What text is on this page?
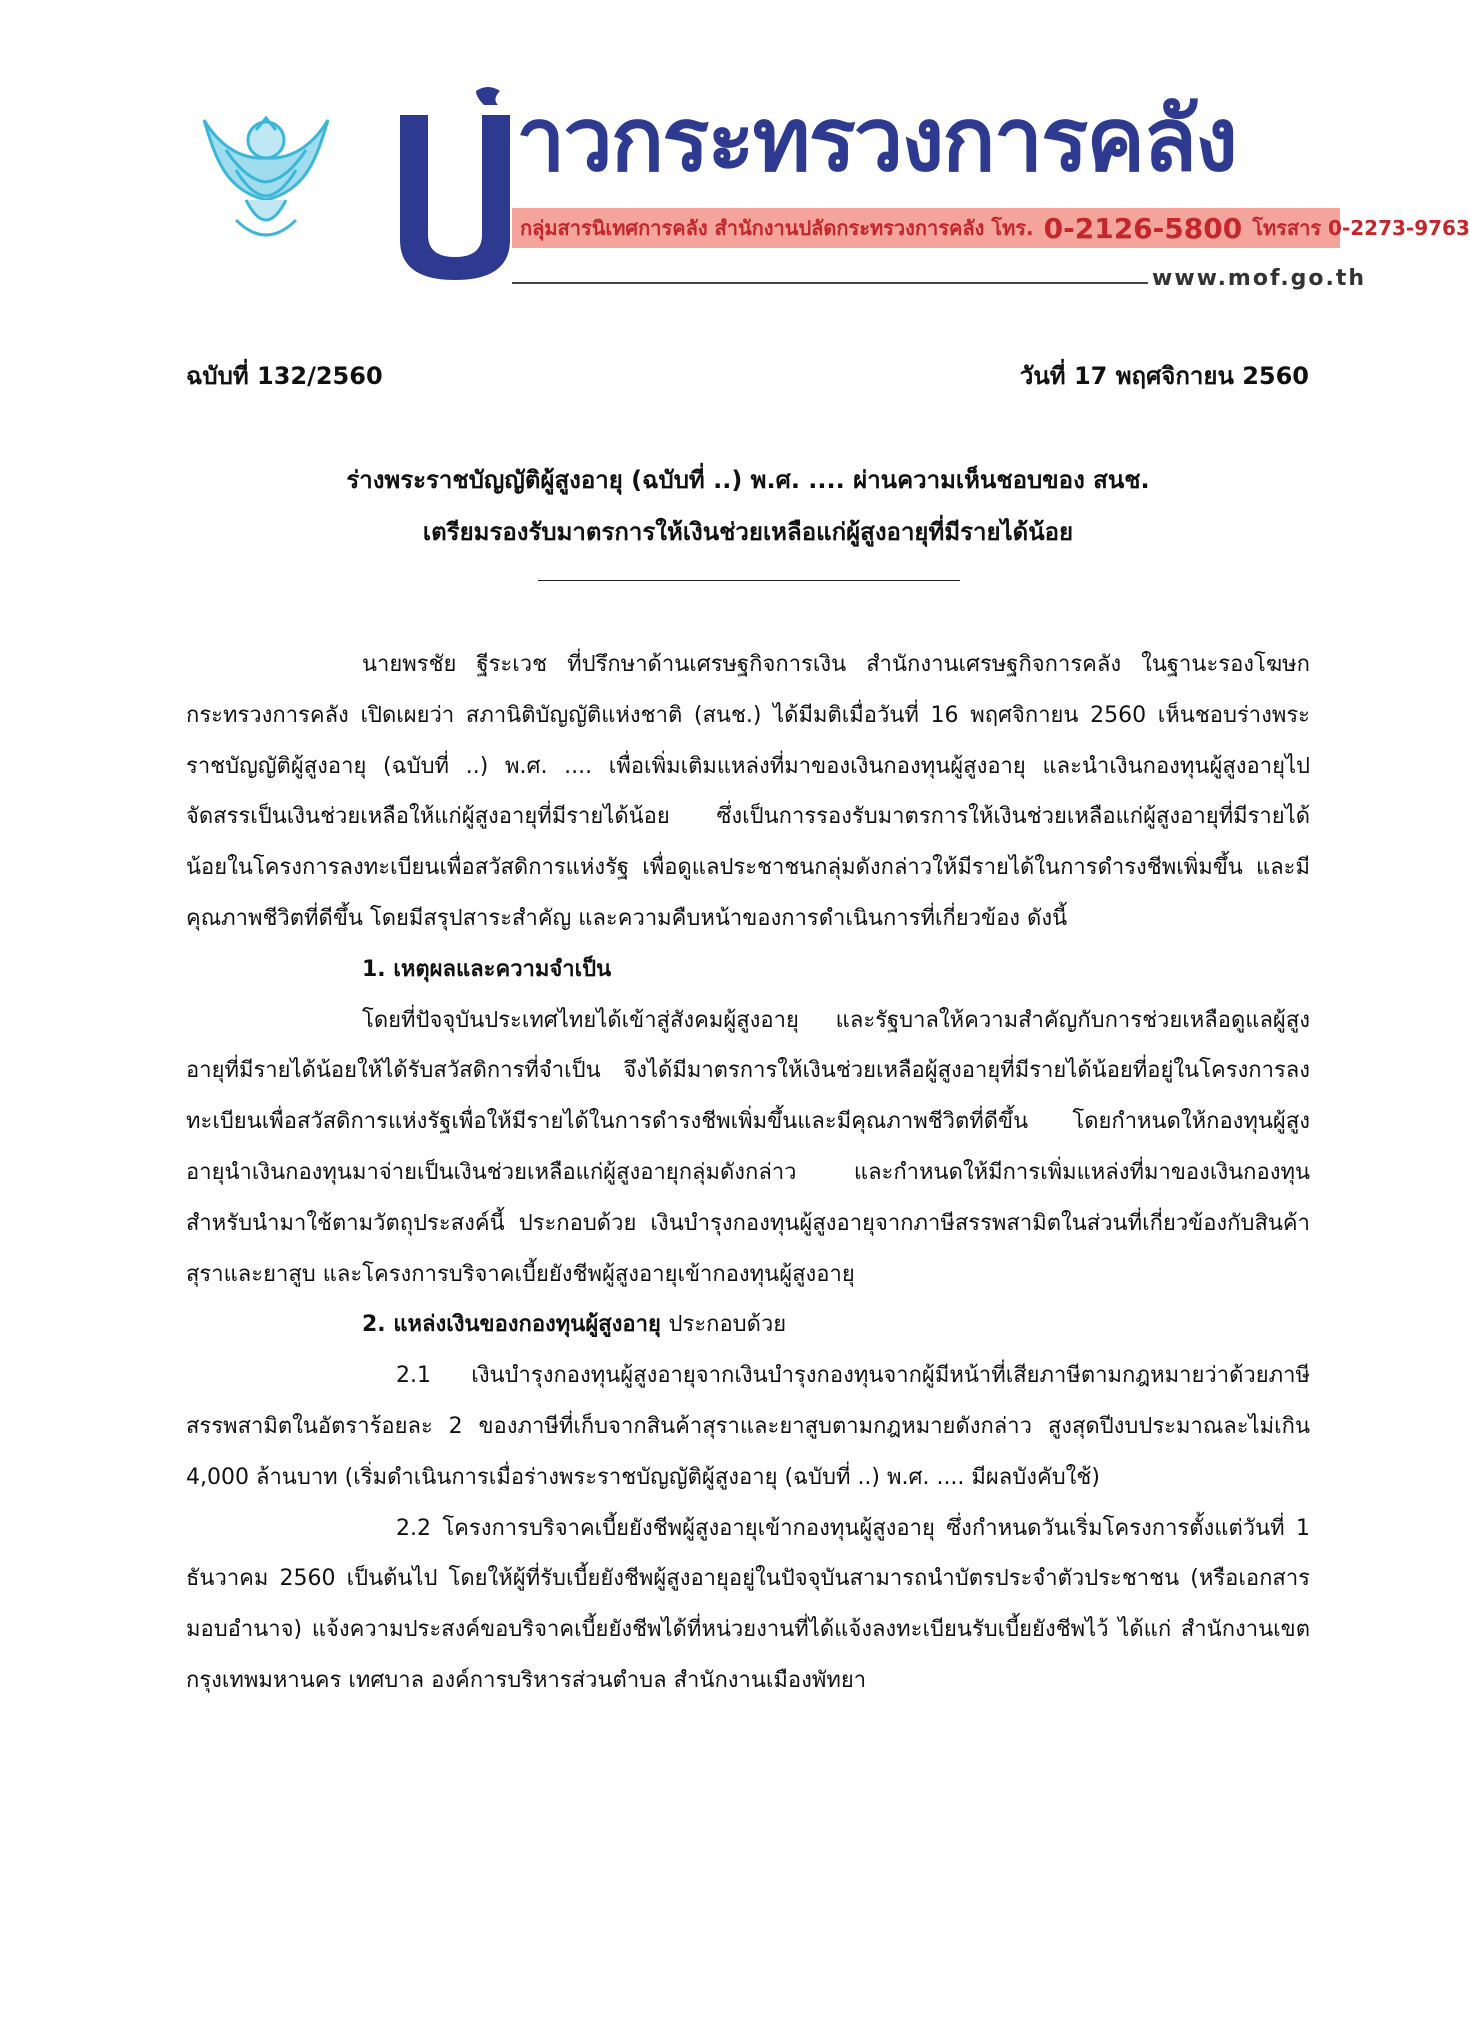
าวกระทรวงการคลัง
กลุ่มสารนิเทศการคลัง สำนักงานปลัดกระทรวงการคลัง โทร. 0-2126-5800 โทรสาร 0-2273-9763
www.mof.go.th
ฉบับที่ 132/2560	วันที่ 17 พฤศจิกายน 2560
ร่างพระราชบัญญัติผู้สูงอายุ (ฉบับที่ ..) พ.ศ. .... ผ่านความเห็นชอบของ สนช.
เตรียมรองรับมาตรการให้เงินช่วยเหลือแก่ผู้สูงอายุที่มีรายได้น้อย

นายพรชัย ฐีระเวช ที่ปรึกษาด้านเศรษฐกิจการเงิน สำนักงานเศรษฐกิจการคลัง ในฐานะรองโฆษกกระทรวงการคลัง เปิดเผยว่า สภานิติบัญญัติแห่งชาติ (สนช.) ได้มีมติเมื่อวันที่ 16 พฤศจิกายน 2560 เห็นชอบร่างพระราชบัญญัติผู้สูงอายุ (ฉบับที่ ..) พ.ศ. .... เพื่อเพิ่มเติมแหล่งที่มาของเงินกองทุนผู้สูงอายุ และนำเงินกองทุนผู้สูงอายุไปจัดสรรเป็นเงินช่วยเหลือให้แก่ผู้สูงอายุที่มีรายได้น้อย ซึ่งเป็นการรองรับมาตรการให้เงินช่วยเหลือแก่ผู้สูงอายุที่มีรายได้น้อยในโครงการลงทะเบียนเพื่อสวัสดิการแห่งรัฐ เพื่อดูแลประชาชนกลุ่มดังกล่าวให้มีรายได้ในการดำรงชีพเพิ่มขึ้น และมีคุณภาพชีวิตที่ดีขึ้น โดยมีสรุปสาระสำคัญ และความคืบหน้าของการดำเนินการที่เกี่ยวข้อง ดังนี้

1. เหตุผลและความจำเป็น

โดยที่ปัจจุบันประเทศไทยได้เข้าสู่สังคมผู้สูงอายุ และรัฐบาลให้ความสำคัญกับการช่วยเหลือดูแลผู้สูงอายุที่มีรายได้น้อยให้ได้รับสวัสดิการที่จำเป็น จึงได้มีมาตรการให้เงินช่วยเหลือผู้สูงอายุที่มีรายได้น้อยที่อยู่ในโครงการลงทะเบียนเพื่อสวัสดิการแห่งรัฐเพื่อให้มีรายได้ในการดำรงชีพเพิ่มขึ้นและมีคุณภาพชีวิตที่ดีขึ้น โดยกำหนดให้กองทุนผู้สูงอายุนำเงินกองทุนมาจ่ายเป็นเงินช่วยเหลือแก่ผู้สูงอายุกลุ่มดังกล่าว และกำหนดให้มีการเพิ่มแหล่งที่มาของเงินกองทุนสำหรับนำมาใช้ตามวัตถุประสงค์นี้ ประกอบด้วย เงินบำรุงกองทุนผู้สูงอายุจากภาษีสรรพสามิตในส่วนที่เกี่ยวข้องกับสินค้าสุราและยาสูบ และโครงการบริจาคเบี้ยยังชีพผู้สูงอายุเข้ากองทุนผู้สูงอายุ

2. แหล่งเงินของกองทุนผู้สูงอายุ ประกอบด้วย

2.1 เงินบำรุงกองทุนผู้สูงอายุจากเงินบำรุงกองทุนจากผู้มีหน้าที่เสียภาษีตามกฎหมายว่าด้วยภาษีสรรพสามิตในอัตราร้อยละ 2 ของภาษีที่เก็บจากสินค้าสุราและยาสูบตามกฎหมายดังกล่าว สูงสุดปีงบประมาณละไม่เกิน 4,000 ล้านบาท (เริ่มดำเนินการเมื่อร่างพระราชบัญญัติผู้สูงอายุ (ฉบับที่ ..) พ.ศ. .... มีผลบังคับใช้)

2.2 โครงการบริจาคเบี้ยยังชีพผู้สูงอายุเข้ากองทุนผู้สูงอายุ ซึ่งกำหนดวันเริ่มโครงการตั้งแต่วันที่ 1 ธันวาคม 2560 เป็นต้นไป โดยให้ผู้ที่รับเบี้ยยังชีพผู้สูงอายุอยู่ในปัจจุบันสามารถนำบัตรประจำตัวประชาชน (หรือเอกสารมอบอำนาจ) แจ้งความประสงค์ขอบริจาคเบี้ยยังชีพได้ที่หน่วยงานที่ได้แจ้งลงทะเบียนรับเบี้ยยังชีพไว้ ได้แก่ สำนักงานเขตกรุงเทพมหานคร เทศบาล องค์การบริหารส่วนตำบล สำนักงานเมืองพัทยา
